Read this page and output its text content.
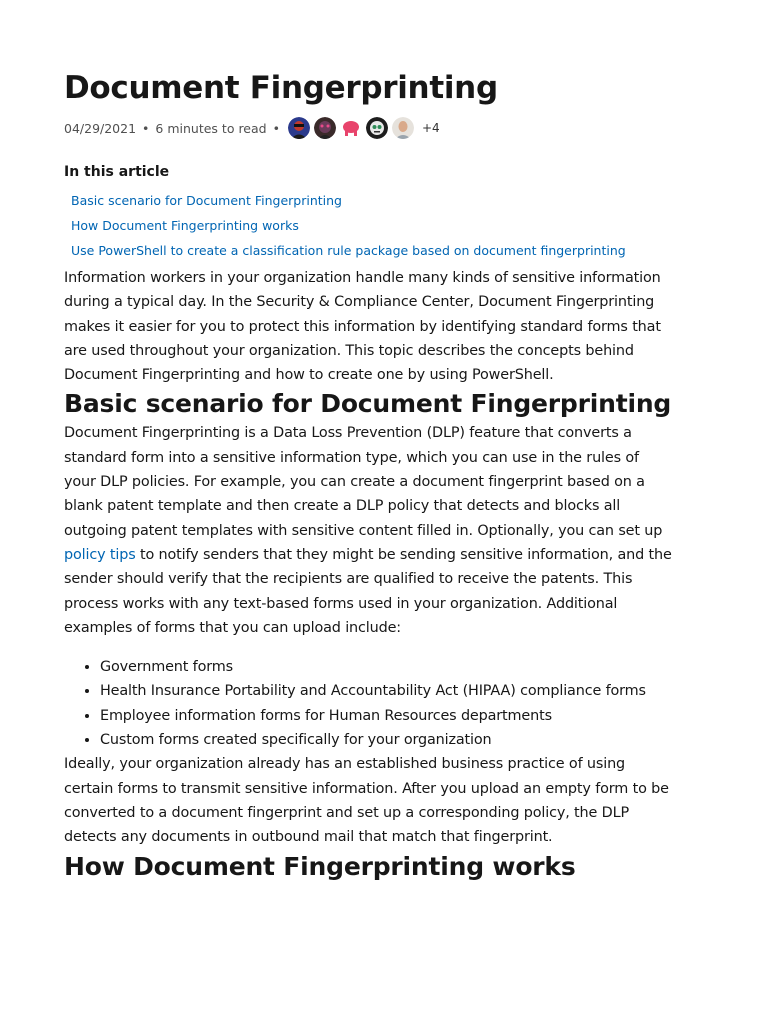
Document Fingerprinting
04/29/2021 • 6 minutes to read •	+4
In this article
Basic scenario for Document Fingerprinting
How Document Fingerprinting works
Use PowerShell to create a classification rule package based on document fingerprinting

Information workers in your organization handle many kinds of sensitive information during a typical day. In the Security & Compliance Center, Document Fingerprinting makes it easier for you to protect this information by identifying standard forms that are used throughout your organization. This topic describes the concepts behind Document Fingerprinting and how to create one by using PowerShell.

Basic scenario for Document Fingerprinting

Document Fingerprinting is a Data Loss Prevention (DLP) feature that converts a standard form into a sensitive information type, which you can use in the rules of your DLP policies. For example, you can create a document fingerprint based on a blank patent template and then create a DLP policy that detects and blocks all outgoing patent templates with sensitive content filled in. Optionally, you can set up policy tips to notify senders that they might be sending sensitive information, and the sender should verify that the recipients are qualified to receive the patents. This process works with any text-based forms used in your organization. Additional examples of forms that you can upload include:

• Government forms
• Health Insurance Portability and Accountability Act (HIPAA) compliance forms
• Employee information forms for Human Resources departments
• Custom forms created specifically for your organization

Ideally, your organization already has an established business practice of using certain forms to transmit sensitive information. After you upload an empty form to be converted to a document fingerprint and set up a corresponding policy, the DLP detects any documents in outbound mail that match that fingerprint.

How Document Fingerprinting works
